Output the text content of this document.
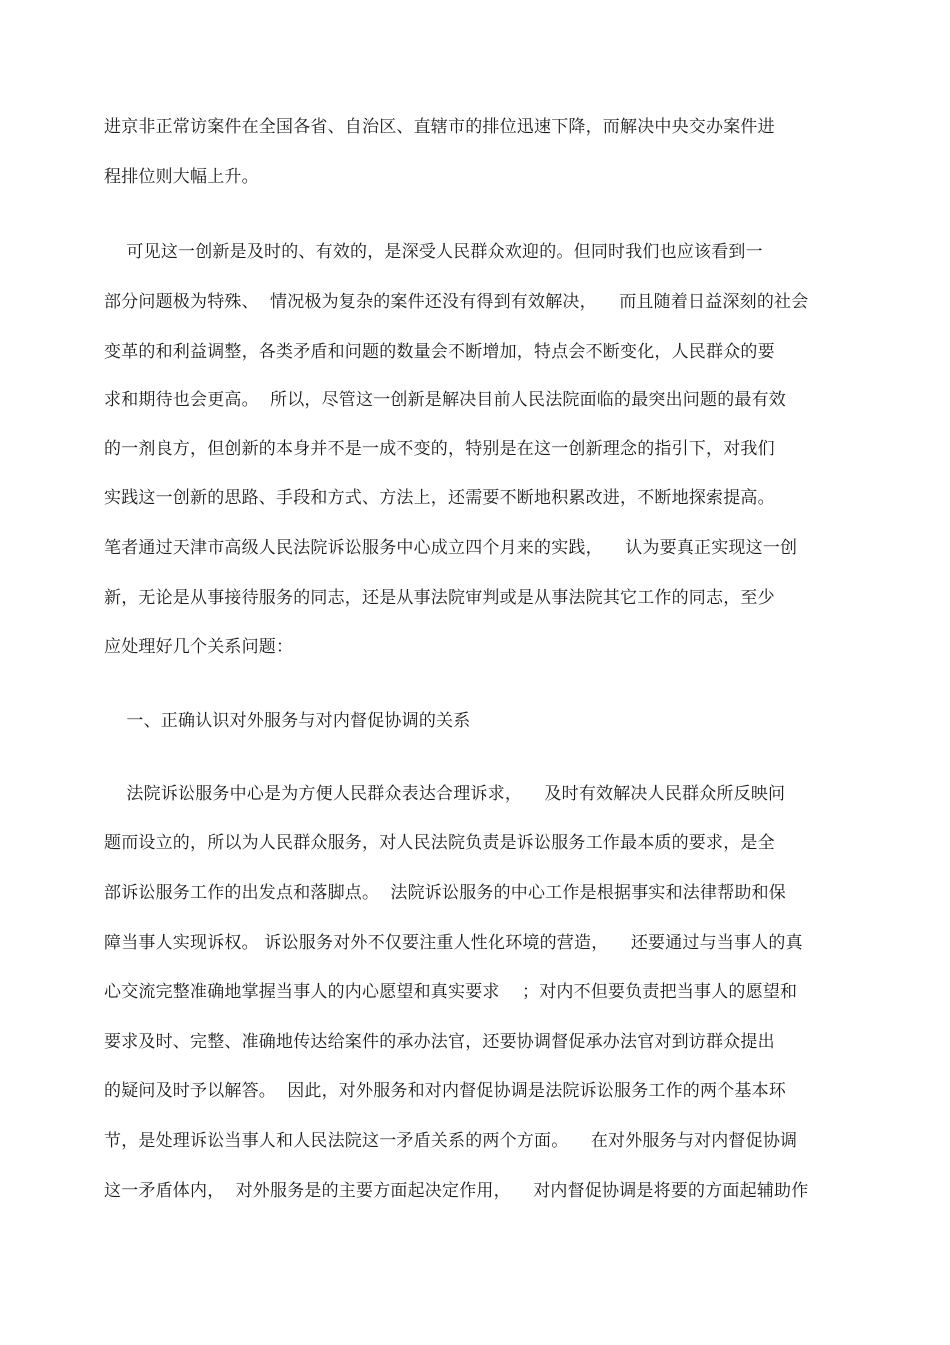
进京非正常访案件在全国各省、自治区、直辖市的排位迅速下降，而解决中央交办案件进
程排位则大幅上升。
可见这一创新是及时的、有效的，是深受人民群众欢迎的。但同时我们也应该看到一
部分问题极为特殊、  情况极为复杂的案件还没有得到有效解决，    而且随着日益深刻的社会
变革的和利益调整，各类矛盾和问题的数量会不断增加，特点会不断变化，人民群众的要
求和期待也会更高。  所以，尽管这一创新是解决目前人民法院面临的最突出问题的最有效
的一剂良方，但创新的本身并不是一成不变的，特别是在这一创新理念的指引下，对我们
实践这一创新的思路、手段和方式、方法上，还需要不断地积累改进，不断地探索提高。
笔者通过天津市高级人民法院诉讼服务中心成立四个月来的实践，    认为要真正实现这一创
新，无论是从事接待服务的同志，还是从事法院审判或是从事法院其它工作的同志，至少
应处理好几个关系问题：
一、正确认识对外服务与对内督促协调的关系
法院诉讼服务中心是为方便人民群众表达合理诉求，    及时有效解决人民群众所反映问
题而设立的，所以为人民群众服务，对人民法院负责是诉讼服务工作最本质的要求，是全
部诉讼服务工作的出发点和落脚点。  法院诉讼服务的中心工作是根据事实和法律帮助和保
障当事人实现诉权。 诉讼服务对外不仅要注重人性化环境的营造，    还要通过与当事人的真
心交流完整准确地掌握当事人的内心愿望和真实要求    ；对内不但要负责把当事人的愿望和
要求及时、完整、准确地传达给案件的承办法官，还要协调督促承办法官对到访群众提出
的疑问及时予以解答。  因此，对外服务和对内督促协调是法院诉讼服务工作的两个基本环
节，是处理诉讼当事人和人民法院这一矛盾关系的两个方面。    在对外服务与对内督促协调
这一矛盾体内，  对外服务是的主要方面起决定作用，    对内督促协调是将要的方面起辅助作
